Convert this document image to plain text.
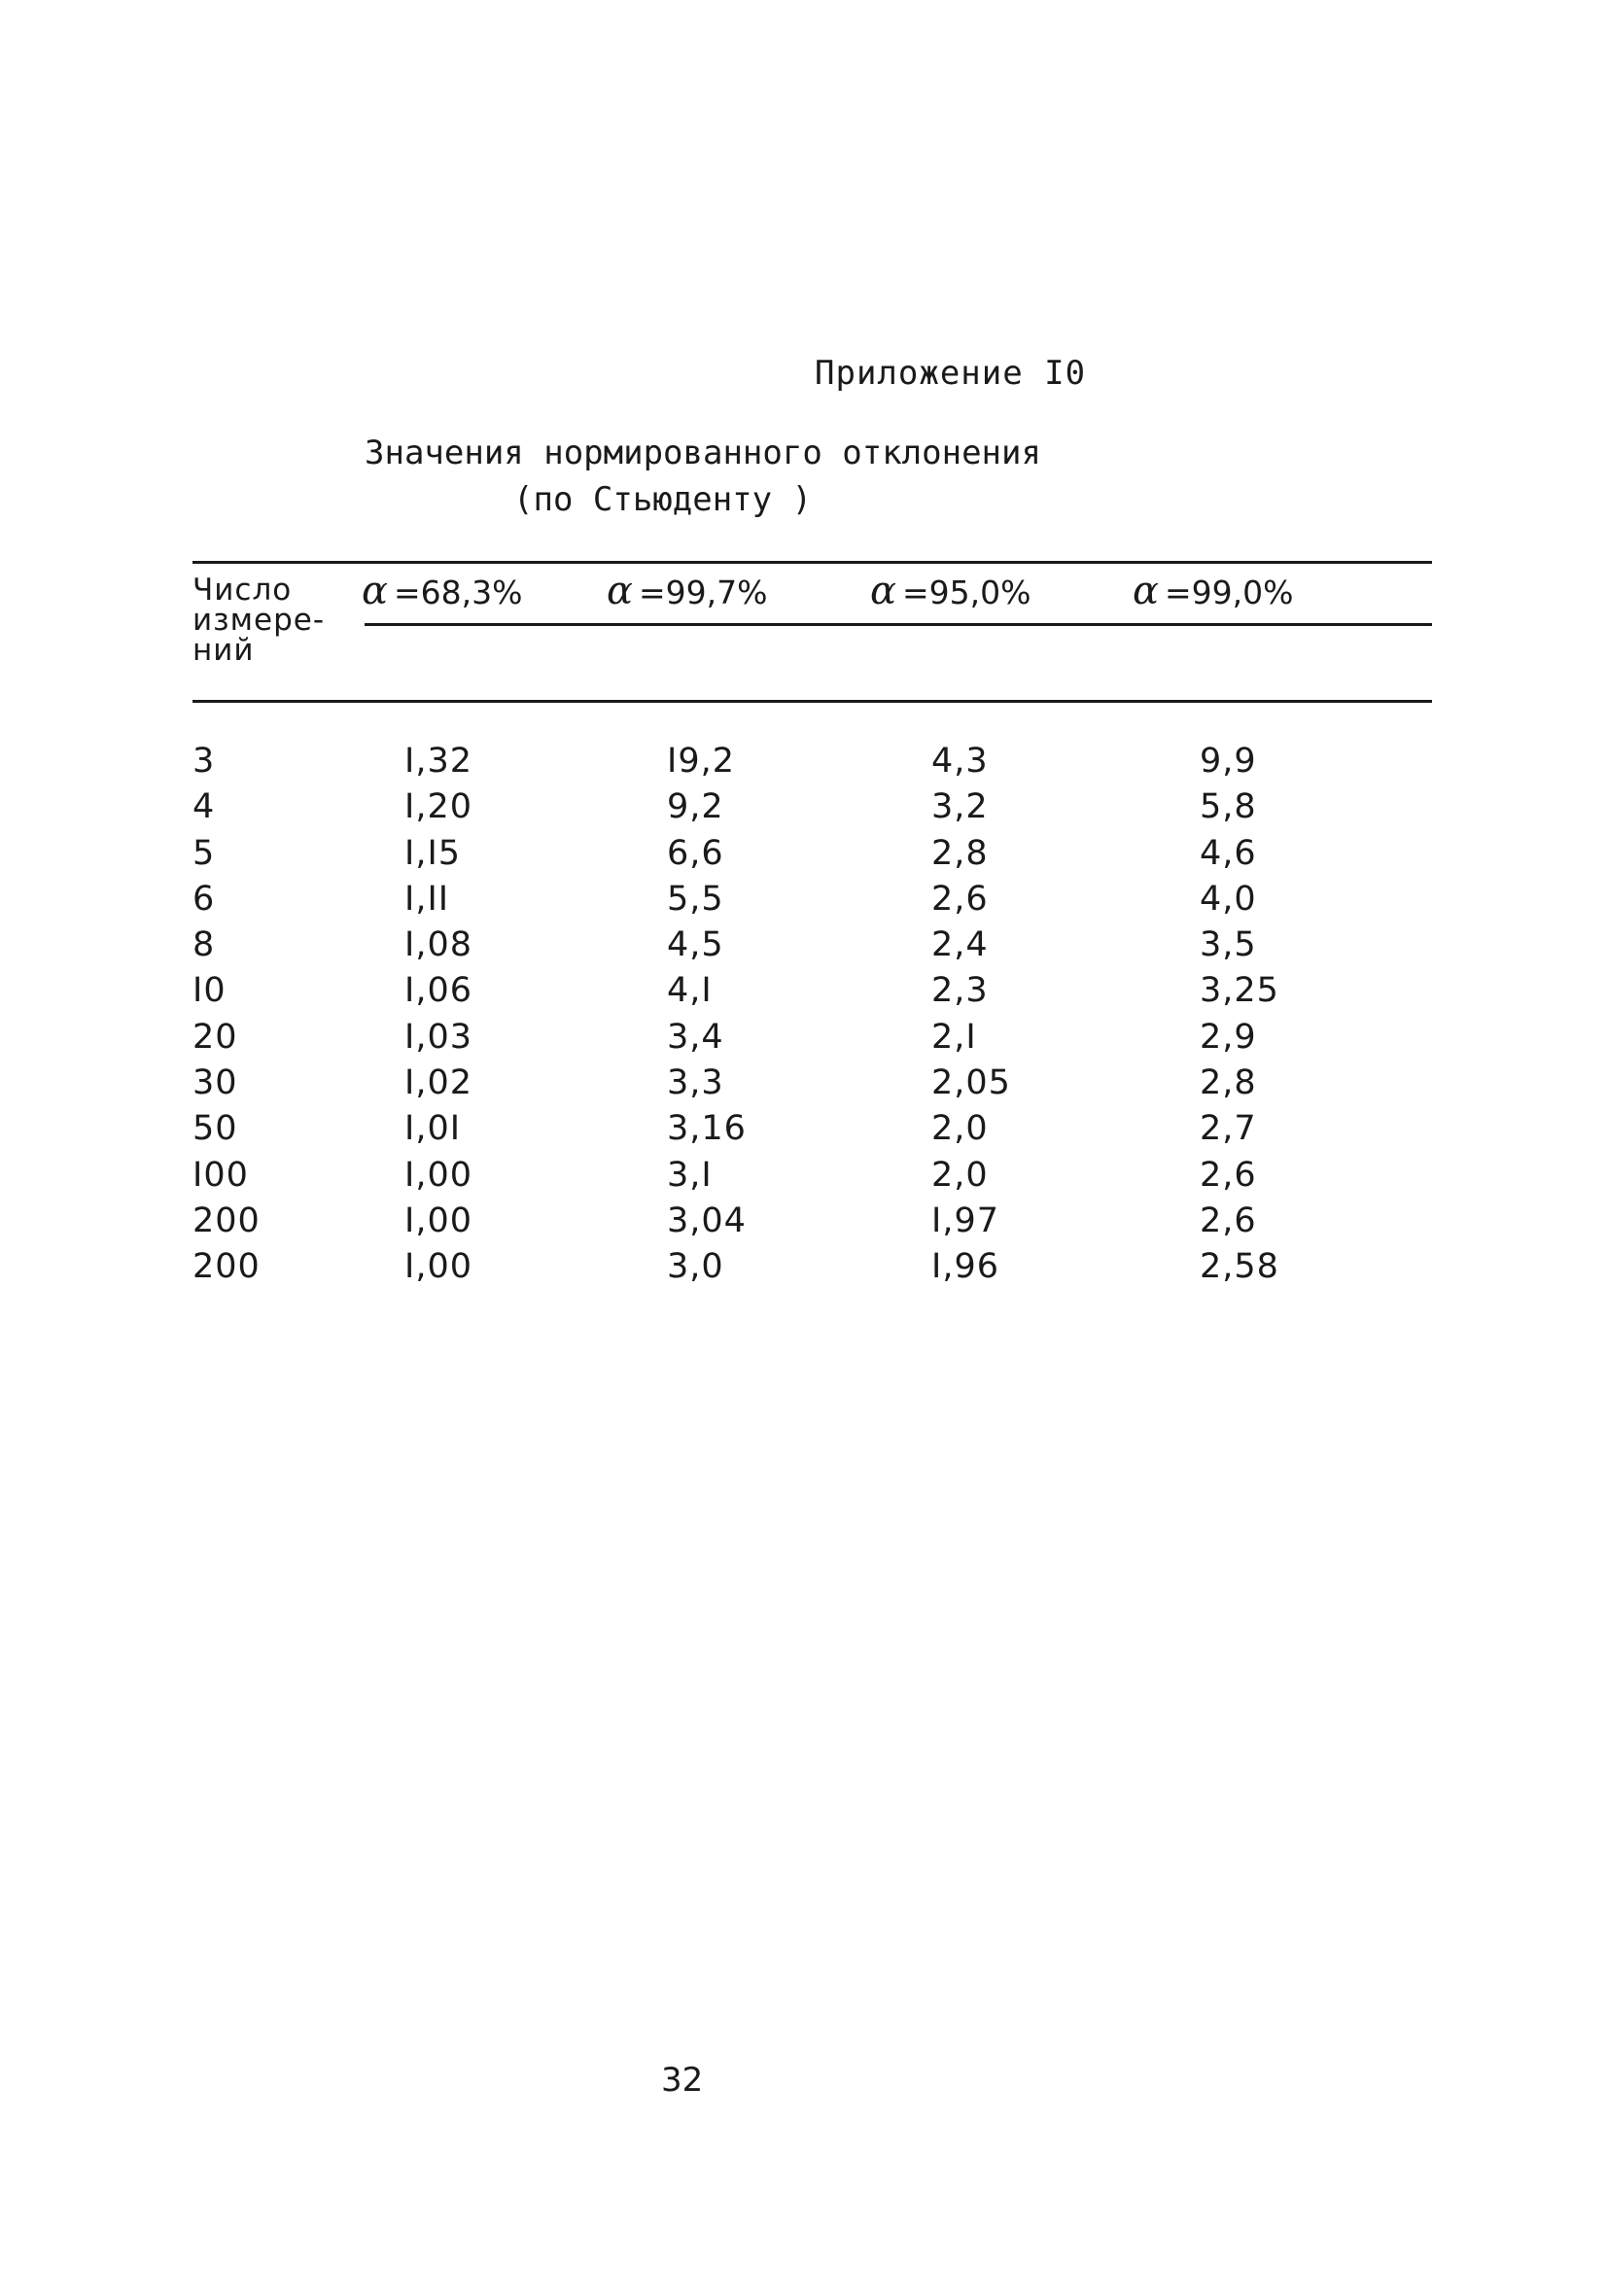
Приложение I0
Значения нормированного отклонения
(по Стьюденту )
Число
измере-
ний
α =68,3% α =99,7%	α =95,0%	α =99,0%
3	I,32	I9,2	4,3	9,9
4	I,20	9,2	3,2	5,8
5	I,I5	6,6	2,8	4,6
6	I,II	5,5	2,6	4,0
8	I,08	4,5	2,4	3,5
I0	I,06	4,I	2,3	3,25
20	I,03	3,4	2,I	2,9
30	I,02	3,3	2,05	2,8
50	I,0I	3,16	2,0	2,7
I00	I,00	3,I	2,0	2,6
200	I,00	3,04	I,97	2,6
200	I,00	3,0	I,96	2,58
32
